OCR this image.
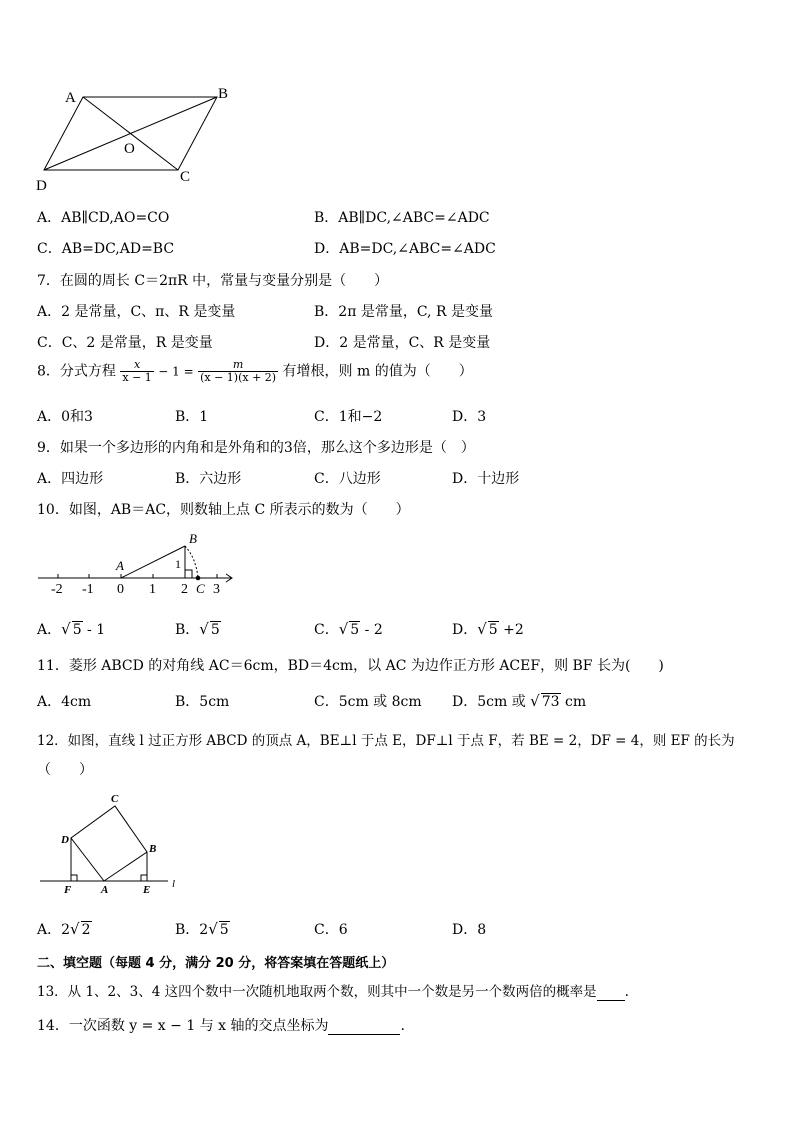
A	B
O
C
D
A．AB∥CD,AO=CO	B．AB∥DC,∠ABC=∠ADC
C．AB=DC,AD=BC	D．AB=DC,∠ABC=∠ADC
7．在圆的周长 C＝2πR 中，常量与变量分别是（　　）
A．2 是常量，C、π、R 是变量	B．2π 是常量，C, R 是变量
C．C、2 是常量，R 是变量	D．2 是常量，C、R 是变量
8．分式方程 $\frac{x}{x - 1} - 1 = \frac{m}{(x - 1)(x + 2)}$ 有增根，则 m 的值为（　　）
A．0和3	B．1	C．1和−2	D．3
9．如果一个多边形的内角和是外角和的3倍，那么这个多边形是（　）
A．四边形	B．六边形	C．八边形	D．十边形
10．如图，AB＝AC，则数轴上点 C 所表示的数为（　　）
B
A	1
C
-2 -1 0 1 2 3
A．√ 5 - 1	B．√ 5	C．√ 5 - 2	D．√ 5 +2
11．菱形 ABCD 的对角线 AC＝6cm，BD＝4cm，以 AC 为边作正方形 ACEF，则 BF 长为(　　)
A．4cm	B．5cm	C．5cm 或 8cm D．5cm 或 √ 73 cm
12．如图，直线 l 过正方形 ABCD 的顶点 A，BE⊥l 于点 E，DF⊥l 于点 F，若 BE = 2，DF = 4，则 EF 的长为
（　　）
C
D
B
F	A	E l
A．2√ 2	B．2√ 5	C．6	D．8
二、填空题（每题 4 分，满分 20 分，将答案填在答题纸上）
13．从 1、2、3、4 这四个数中一次随机地取两个数，则其中一个数是另一个数两倍的概率是 .
14．一次函数 y = x − 1 与 x 轴的交点坐标为	.
